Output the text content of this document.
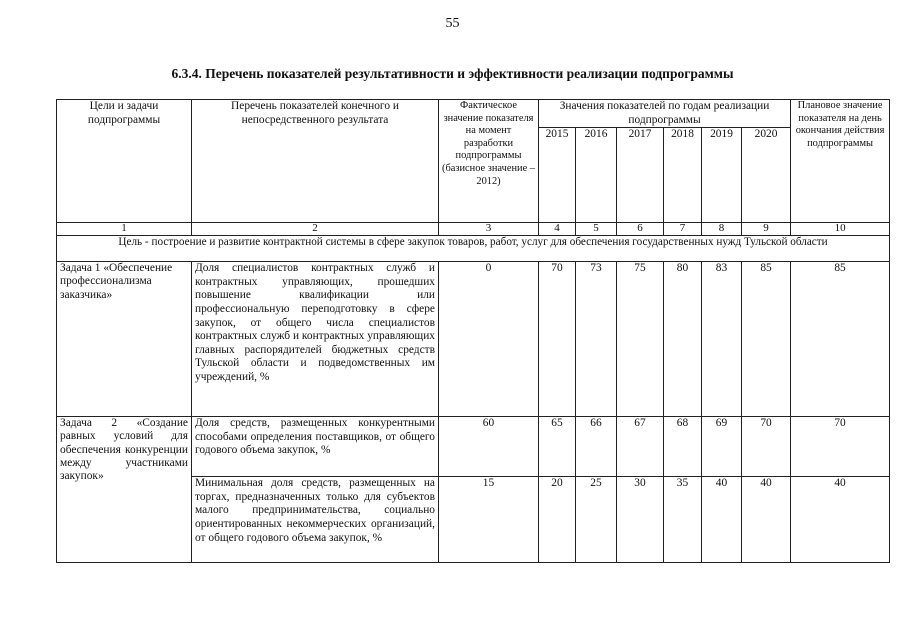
55
6.3.4. Перечень показателей результативности и эффективности реализации подпрограммы
Цели и задачи подпрограммы	Перечень показателей конечного и непосредственного результата	Фактическое значение показателя на момент разработки подпрограммы (базисное значение –2012)	Значения показателей по годам реализации подпрограммы						Плановое значение показателя на день окончания действия подпрограммы
			2015	2016	2017	2018	2019	2020	
1	2	3	4	5	6	7	8	9	10
Цель - построение и развитие контрактной системы в сфере закупок товаров, работ, услуг для обеспечения государственных нужд Тульской области									
Задача 1 «Обеспечение профессионализма заказчика»	Доля специалистов контрактных служб и контрактных управляющих, прошедших повышение квалификации или профессиональную переподготовку в сфере закупок, от общего числа специалистов контрактных служб и контрактных управляющих главных распорядителей бюджетных средств Тульской области и подведомственных им учреждений, %	0	70	73	75	80	83	85	85
Задача 2 «Создание равных условий для обеспечения конкуренции между участниками закупок»	Доля средств, размещенных конкурентными способами определения поставщиков, от общего годового объема закупок, %	60	65	66	67	68	69	70	70
	Минимальная доля средств, размещенных на торгах, предназначенных только для субъектов малого предпринимательства, социально ориентированных некоммерческих организаций, от общего годового объема закупок, %	15	20	25	30	35	40	40	40
